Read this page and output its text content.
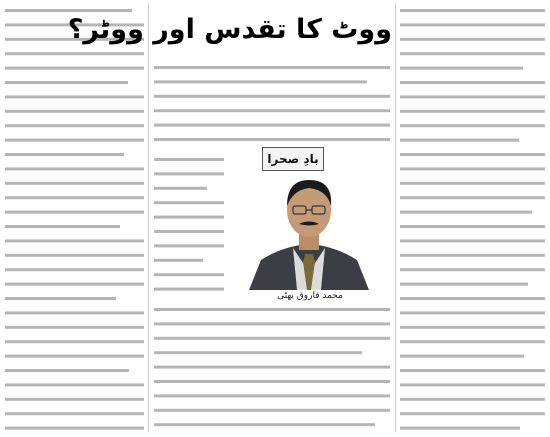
ووٹ کا تقدس اور ووٹر؟
بادِ صحرا
محمد فاروق بھٹی
